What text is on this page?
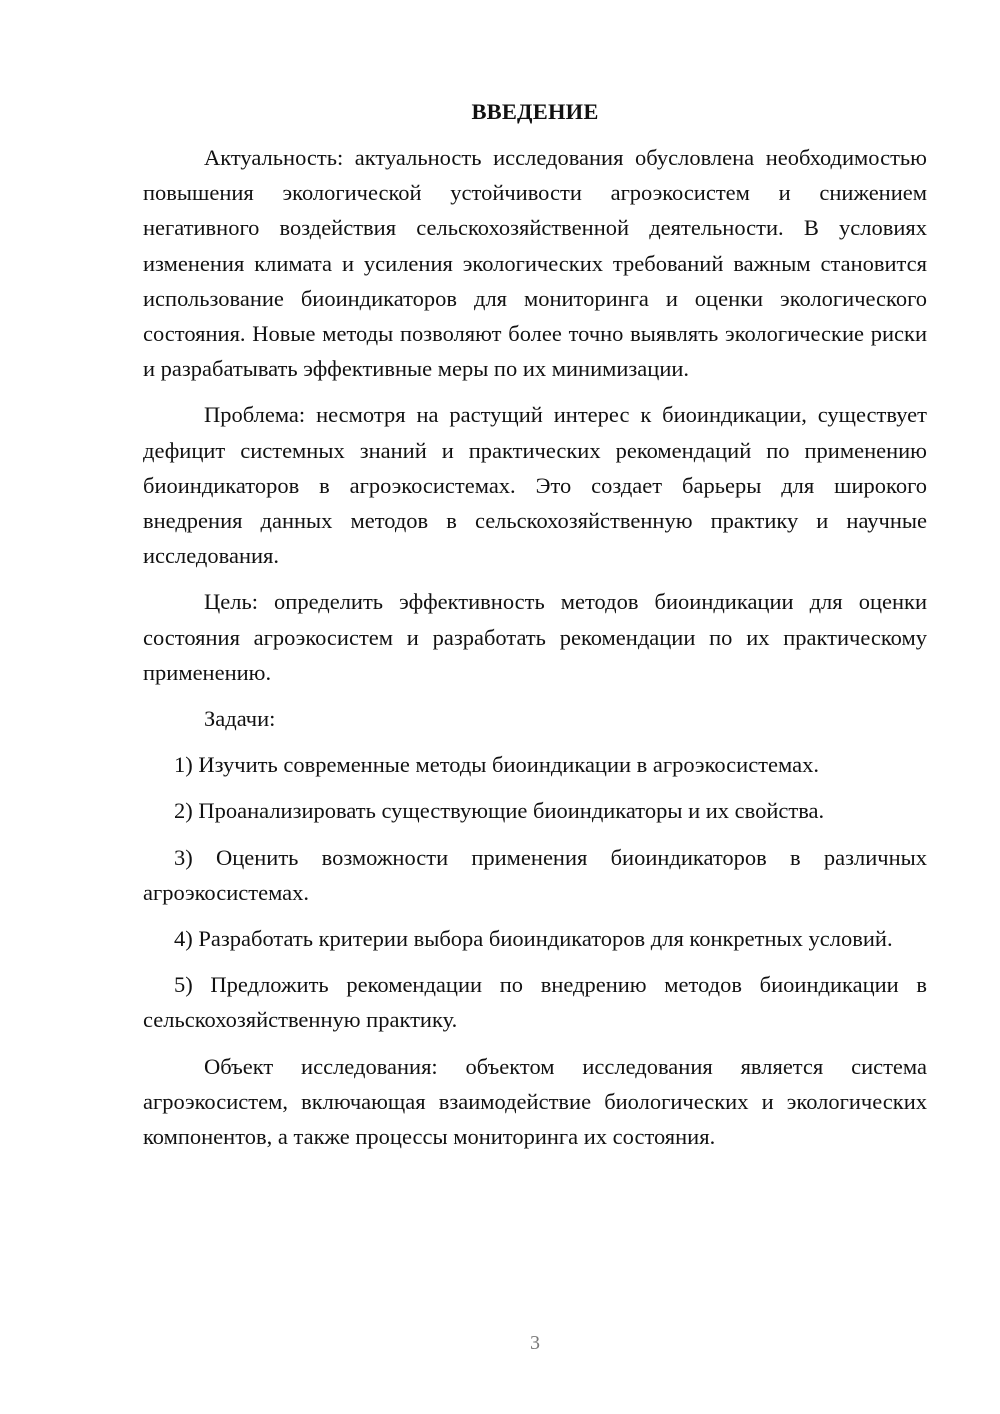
ВВЕДЕНИЕ

Актуальность: актуальность исследования обусловлена необходимостью повышения экологической устойчивости агроэкосистем и снижением негативного воздействия сельскохозяйственной деятельности. В условиях изменения климата и усиления экологических требований важным становится использование биоиндикаторов для мониторинга и оценки экологического состояния. Новые методы позволяют более точно выявлять экологические риски и разрабатывать эффективные меры по их минимизации.

Проблема: несмотря на растущий интерес к биоиндикации, существует дефицит системных знаний и практических рекомендаций по применению биоиндикаторов в агроэкосистемах. Это создает барьеры для широкого внедрения данных методов в сельскохозяйственную практику и научные исследования.

Цель: определить эффективность методов биоиндикации для оценки состояния агроэкосистем и разработать рекомендации по их практическому применению.

Задачи:

1) Изучить современные методы биоиндикации в агроэкосистемах.

2) Проанализировать существующие биоиндикаторы и их свойства.

3) Оценить возможности применения биоиндикаторов в различных агроэкосистемах.

4) Разработать критерии выбора биоиндикаторов для конкретных условий.

5) Предложить рекомендации по внедрению методов биоиндикации в сельскохозяйственную практику.

Объект исследования: объектом исследования является система агроэкосистем, включающая взаимодействие биологических и экологических компонентов, а также процессы мониторинга их состояния.

3
